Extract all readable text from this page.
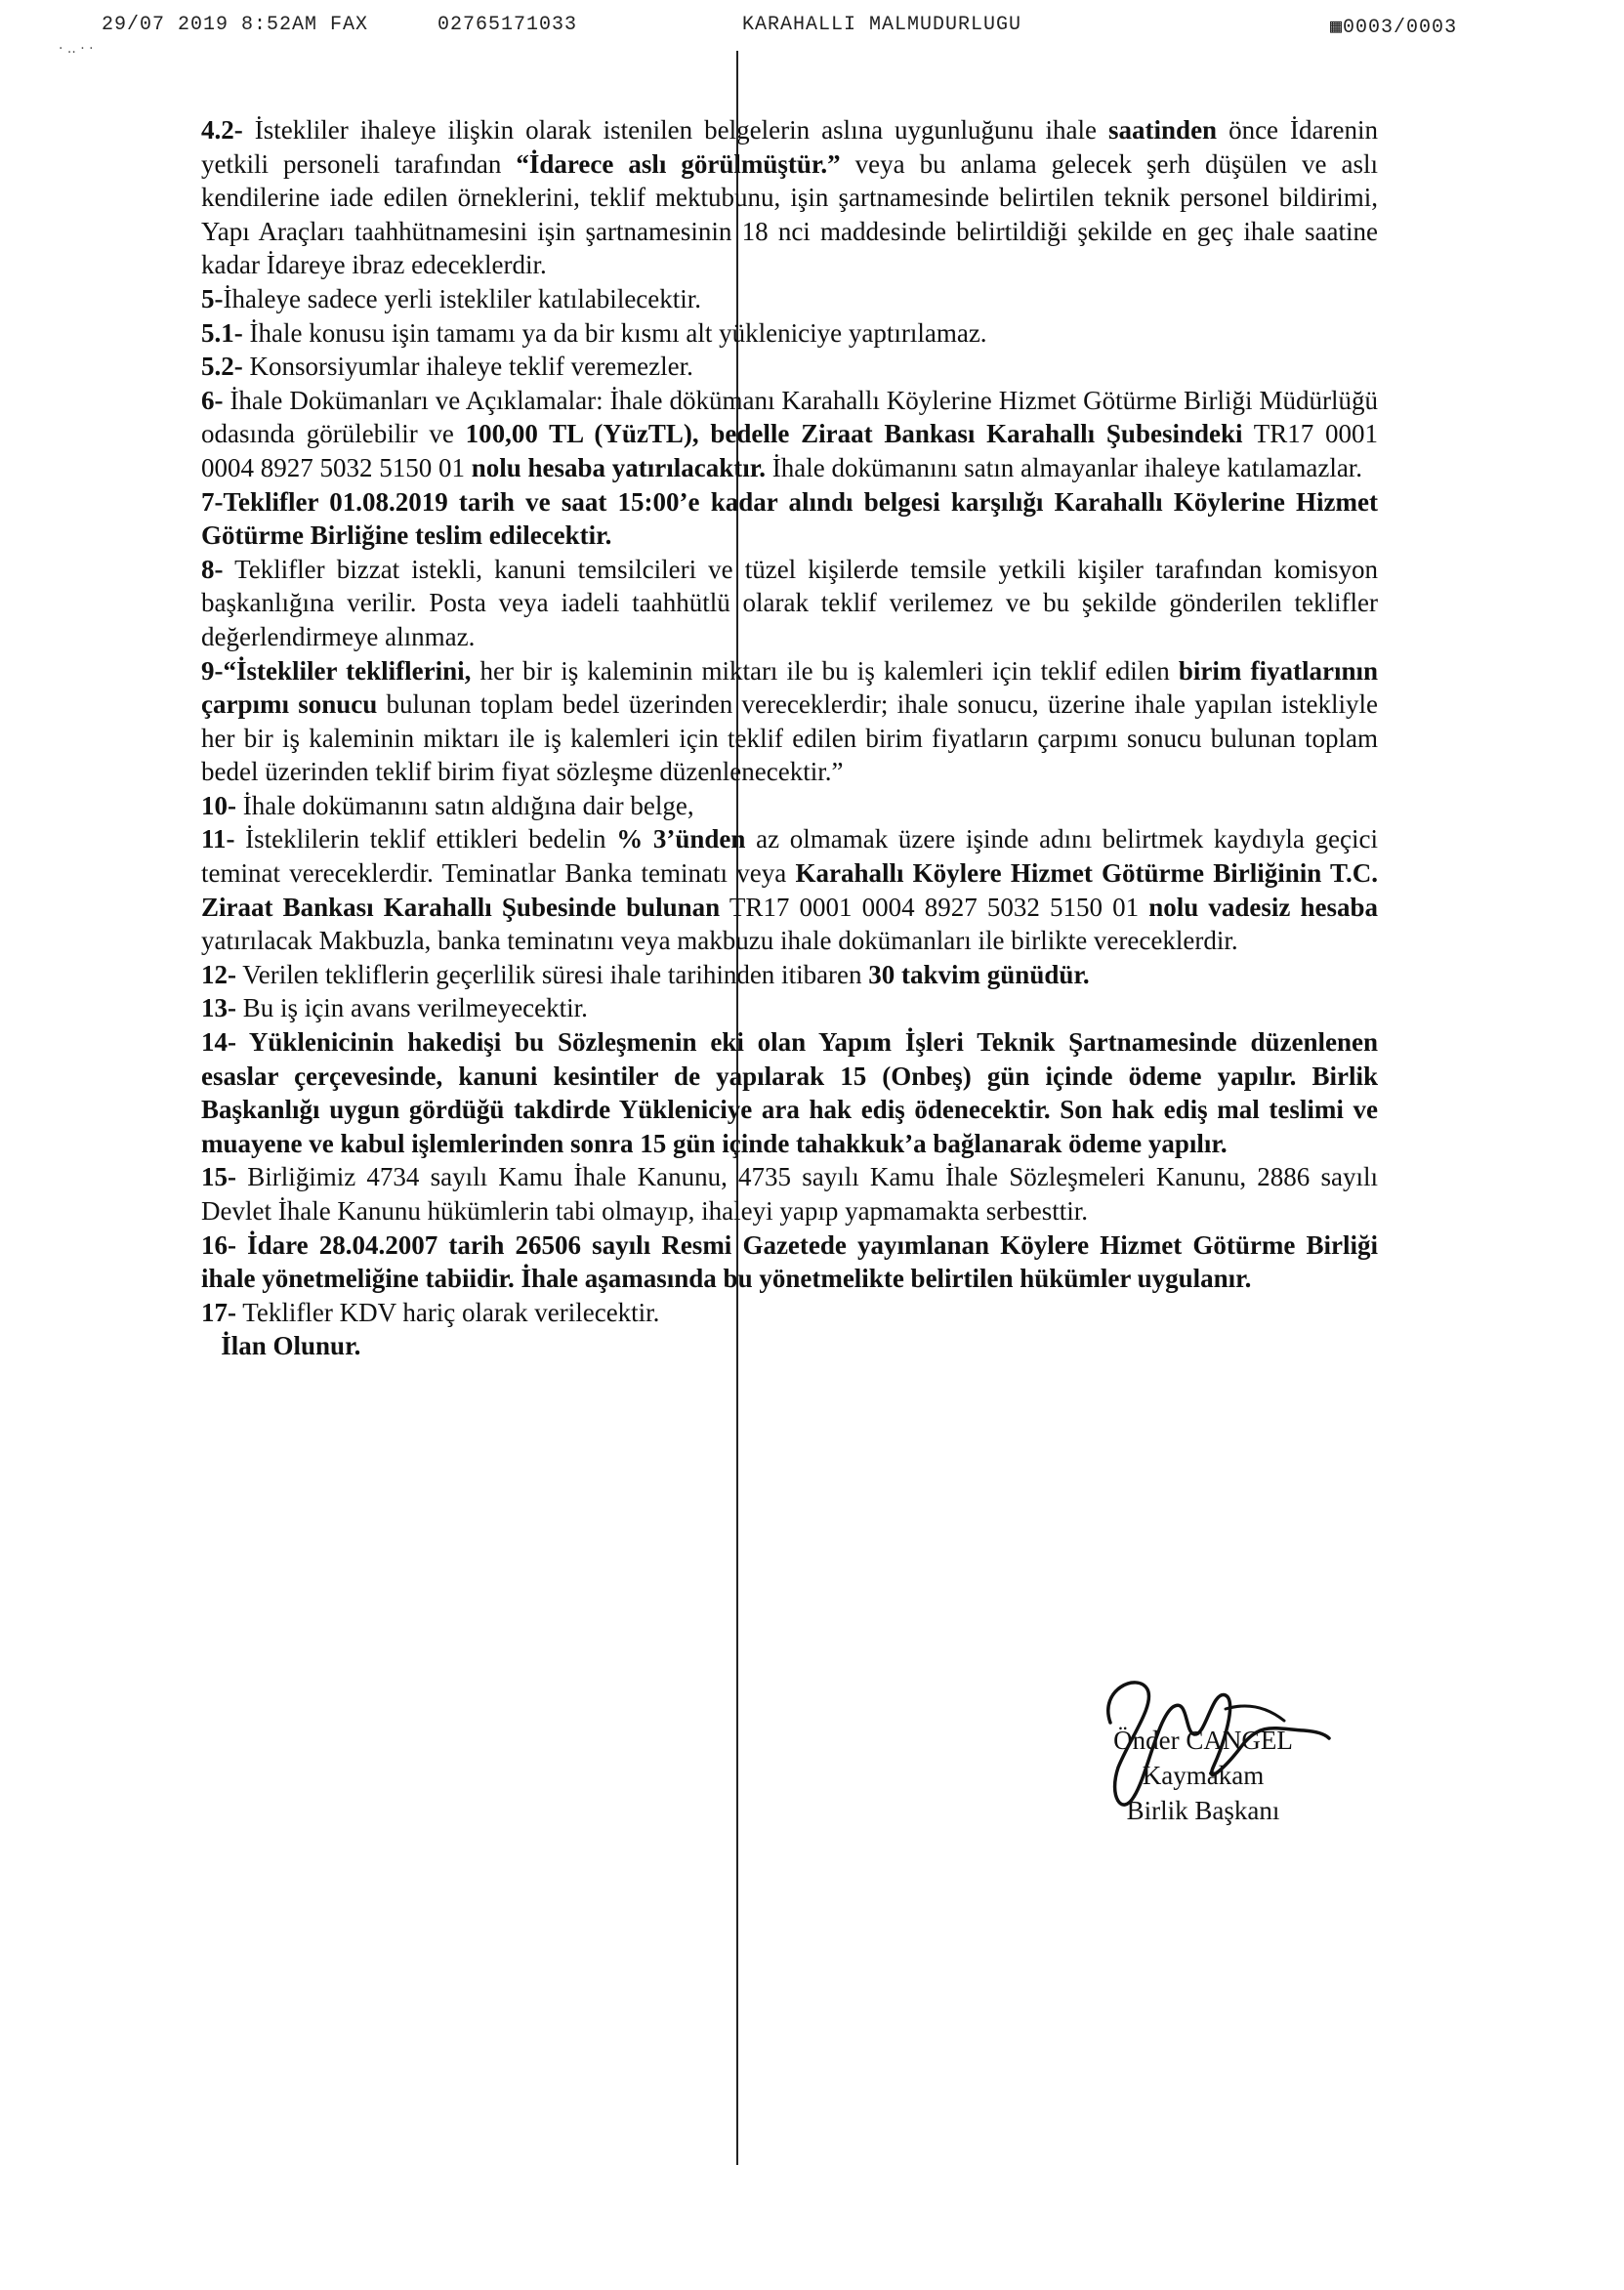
29/07 2019 8:52AM FAX	02765171033	KARAHALLI MALMUDURLUGU	▦0003/0003
· .. · ·

4.2- İstekliler ihaleye ilişkin olarak istenilen belgelerin aslına uygunluğunu ihale saatinden önce İdarenin yetkili personeli tarafından “İdarece aslı görülmüştür.” veya bu anlama gelecek şerh düşülen ve aslı kendilerine iade edilen örneklerini, teklif mektubunu, işin şartnamesinde belirtilen teknik personel bildirimi, Yapı Araçları taahhütnamesini işin şartnamesinin 18 nci maddesinde belirtildiği şekilde en geç ihale saatine kadar İdareye ibraz edeceklerdir.

5-İhaleye sadece yerli istekliler katılabilecektir.

5.1- İhale konusu işin tamamı ya da bir kısmı alt yükleniciye yaptırılamaz.

5.2- Konsorsiyumlar ihaleye teklif veremezler.

6- İhale Dokümanları ve Açıklamalar: İhale dökümanı Karahallı Köylerine Hizmet Götürme Birliği Müdürlüğü odasında görülebilir ve 100,00 TL (YüzTL), bedelle Ziraat Bankası Karahallı Şubesindeki TR17 0001 0004 8927 5032 5150 01 nolu hesaba yatırılacaktır. İhale dokümanını satın almayanlar ihaleye katılamazlar.

7-Teklifler 01.08.2019 tarih ve saat 15:00’e kadar alındı belgesi karşılığı Karahallı Köylerine Hizmet Götürme Birliğine teslim edilecektir.

8- Teklifler bizzat istekli, kanuni temsilcileri ve tüzel kişilerde temsile yetkili kişiler tarafından komisyon başkanlığına verilir. Posta veya iadeli taahhütlü olarak teklif verilemez ve bu şekilde gönderilen teklifler değerlendirmeye alınmaz.

9-“İstekliler tekliflerini, her bir iş kaleminin miktarı ile bu iş kalemleri için teklif edilen birim fiyatlarının çarpımı sonucu bulunan toplam bedel üzerinden vereceklerdir; ihale sonucu, üzerine ihale yapılan istekliyle her bir iş kaleminin miktarı ile iş kalemleri için teklif edilen birim fiyatların çarpımı sonucu bulunan toplam bedel üzerinden teklif birim fiyat sözleşme düzenlenecektir.”

10- İhale dokümanını satın aldığına dair belge,

11- İsteklilerin teklif ettikleri bedelin % 3’ünden az olmamak üzere işinde adını belirtmek kaydıyla geçici teminat vereceklerdir. Teminatlar Banka teminatı veya Karahallı Köylere Hizmet Götürme Birliğinin T.C. Ziraat Bankası Karahallı Şubesinde bulunan TR17 0001 0004 8927 5032 5150 01 nolu vadesiz hesaba yatırılacak Makbuzla, banka teminatını veya makbuzu ihale dokümanları ile birlikte vereceklerdir.

12- Verilen tekliflerin geçerlilik süresi ihale tarihinden itibaren 30 takvim günüdür.

13- Bu iş için avans verilmeyecektir.

14- Yüklenicinin hakedişi bu Sözleşmenin eki olan Yapım İşleri Teknik Şartnamesinde düzenlenen esaslar çerçevesinde, kanuni kesintiler de yapılarak 15 (Onbeş) gün içinde ödeme yapılır. Birlik Başkanlığı uygun gördüğü takdirde Yükleniciye ara hak ediş ödenecektir. Son hak ediş mal teslimi ve muayene ve kabul işlemlerinden sonra 15 gün içinde tahakkuk’a bağlanarak ödeme yapılır.

15- Birliğimiz 4734 sayılı Kamu İhale Kanunu, 4735 sayılı Kamu İhale Sözleşmeleri Kanunu, 2886 sayılı Devlet İhale Kanunu hükümlerin tabi olmayıp, ihaleyi yapıp yapmamakta serbesttir.

16- İdare 28.04.2007 tarih 26506 sayılı Resmi Gazetede yayımlanan Köylere Hizmet Götürme Birliği ihale yönetmeliğine tabiidir. İhale aşamasında bu yönetmelikte belirtilen hükümler uygulanır.

17- Teklifler KDV hariç olarak verilecektir.

İlan Olunur.

Önder CANGEL
Kaymakam
Birlik Başkanı
